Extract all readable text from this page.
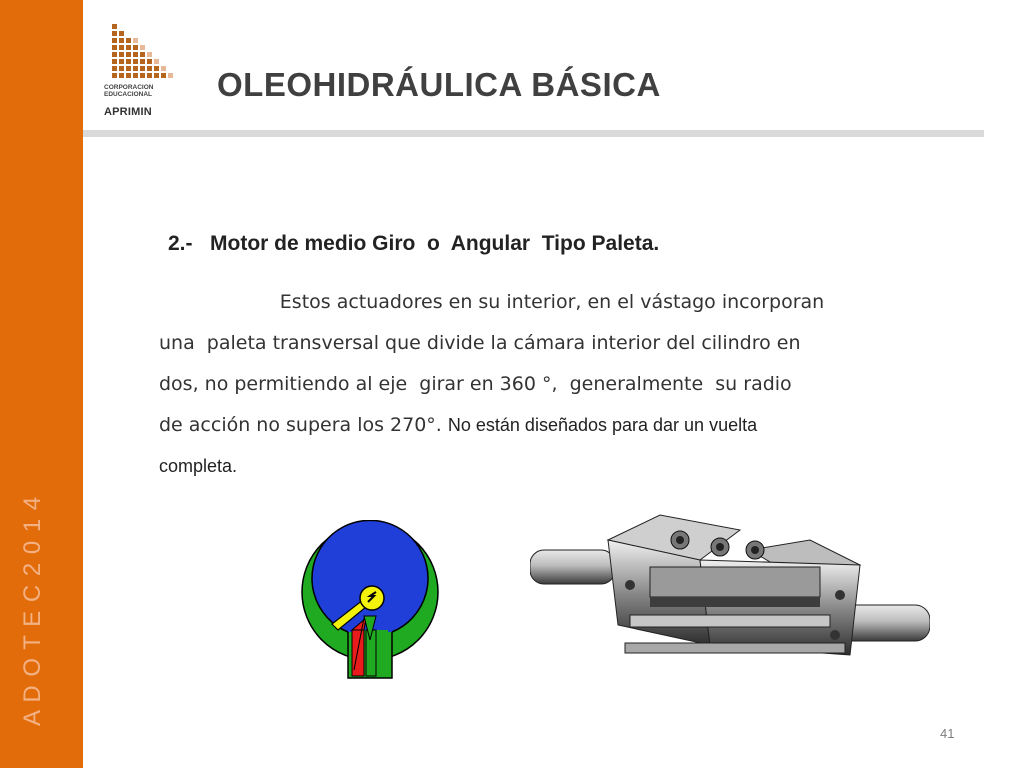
A D O T E C 2 0 1 4
CORPORACION
EDUCACIONAL
APRIMIN
OLEOHIDRÁULICA BÁSICA
2.-   Motor de medio Giro  o  Angular  Tipo Paleta.
Estos actuadores en su interior, en el vástago incorporan
una  paleta transversal que divide la cámara interior del cilindro en
dos, no permitiendo al eje  girar en 360 °,  generalmente  su radio
de acción no supera los 270°. No están diseñados para dar un vuelta
completa.
41
